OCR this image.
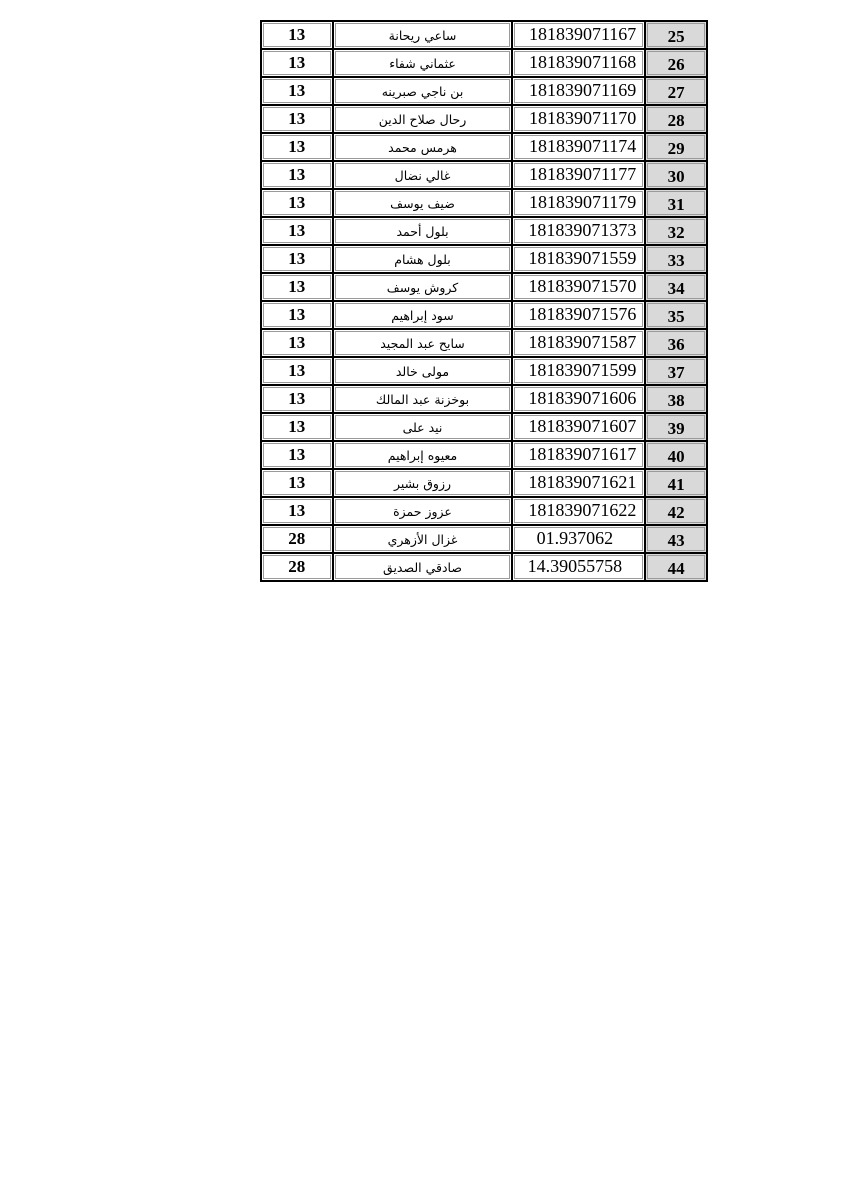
13	ساعي ريحانة	181839071167	25
13	عثماني شفاء	181839071168	26
13	بن ناجي صبرينه	181839071169	27
13	رحال صلاح الدين	181839071170	28
13	هرمس محمد	181839071174	29
13	غالي نضال	181839071177	30
13	ضيف يوسف	181839071179	31
13	بلول أحمد	181839071373	32
13	بلول هشام	181839071559	33
13	كروش يوسف	181839071570	34
13	سود إبراهيم	181839071576	35
13	سايح عبد المجيد	181839071587	36
13	مولى خالد	181839071599	37
13	بوخزنة عبد المالك	181839071606	38
13	نيد على	181839071607	39
13	معيوه إبراهيم	181839071617	40
13	رزوق بشير	181839071621	41
13	عزوز حمزة	181839071622	42
28	غزال الأزهري	01.937062	43
28	صادقي الصديق	14.39055758	44
